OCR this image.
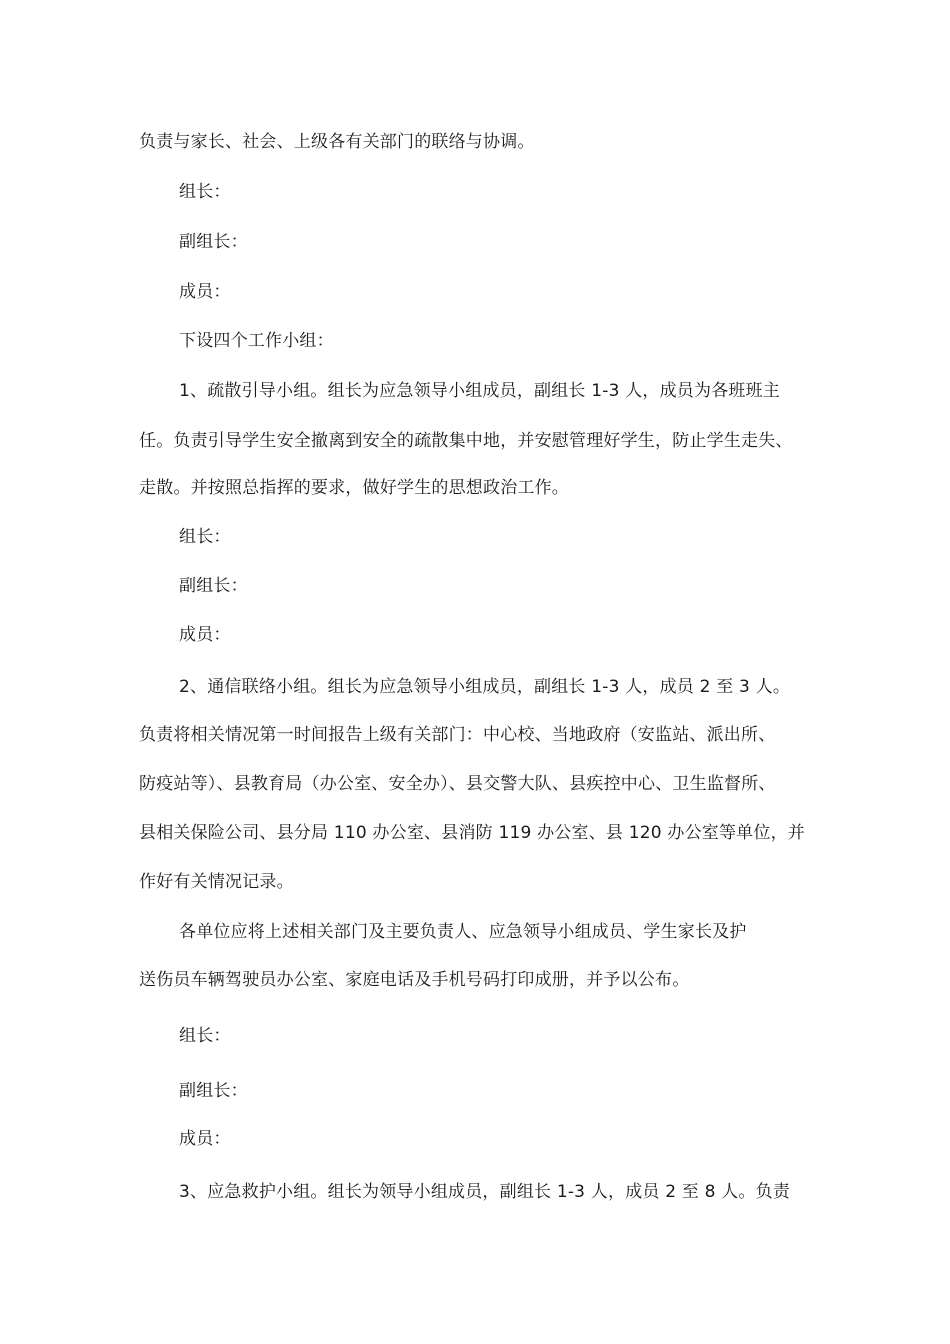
负责与家长、社会、上级各有关部门的联络与协调。

组长：

副组长：

成员：

下设四个工作小组：

1、疏散引导小组。组长为应急领导小组成员，副组长 1-3 人，成员为各班班主

任。负责引导学生安全撤离到安全的疏散集中地，并安慰管理好学生，防止学生走失、

走散。并按照总指挥的要求，做好学生的思想政治工作。

组长：

副组长：

成员：

2、通信联络小组。组长为应急领导小组成员，副组长 1-3 人，成员 2 至 3 人。

负责将相关情况第一时间报告上级有关部门：中心校、当地政府（安监站、派出所、

防疫站等）、县教育局（办公室、安全办）、县交警大队、县疾控中心、卫生监督所、

县相关保险公司、县分局 110 办公室、县消防 119 办公室、县 120 办公室等单位，并

作好有关情况记录。

各单位应将上述相关部门及主要负责人、应急领导小组成员、学生家长及护

送伤员车辆驾驶员办公室、家庭电话及手机号码打印成册，并予以公布。

组长：

副组长：

成员：

3、应急救护小组。组长为领导小组成员，副组长 1-3 人，成员 2 至 8 人。负责
